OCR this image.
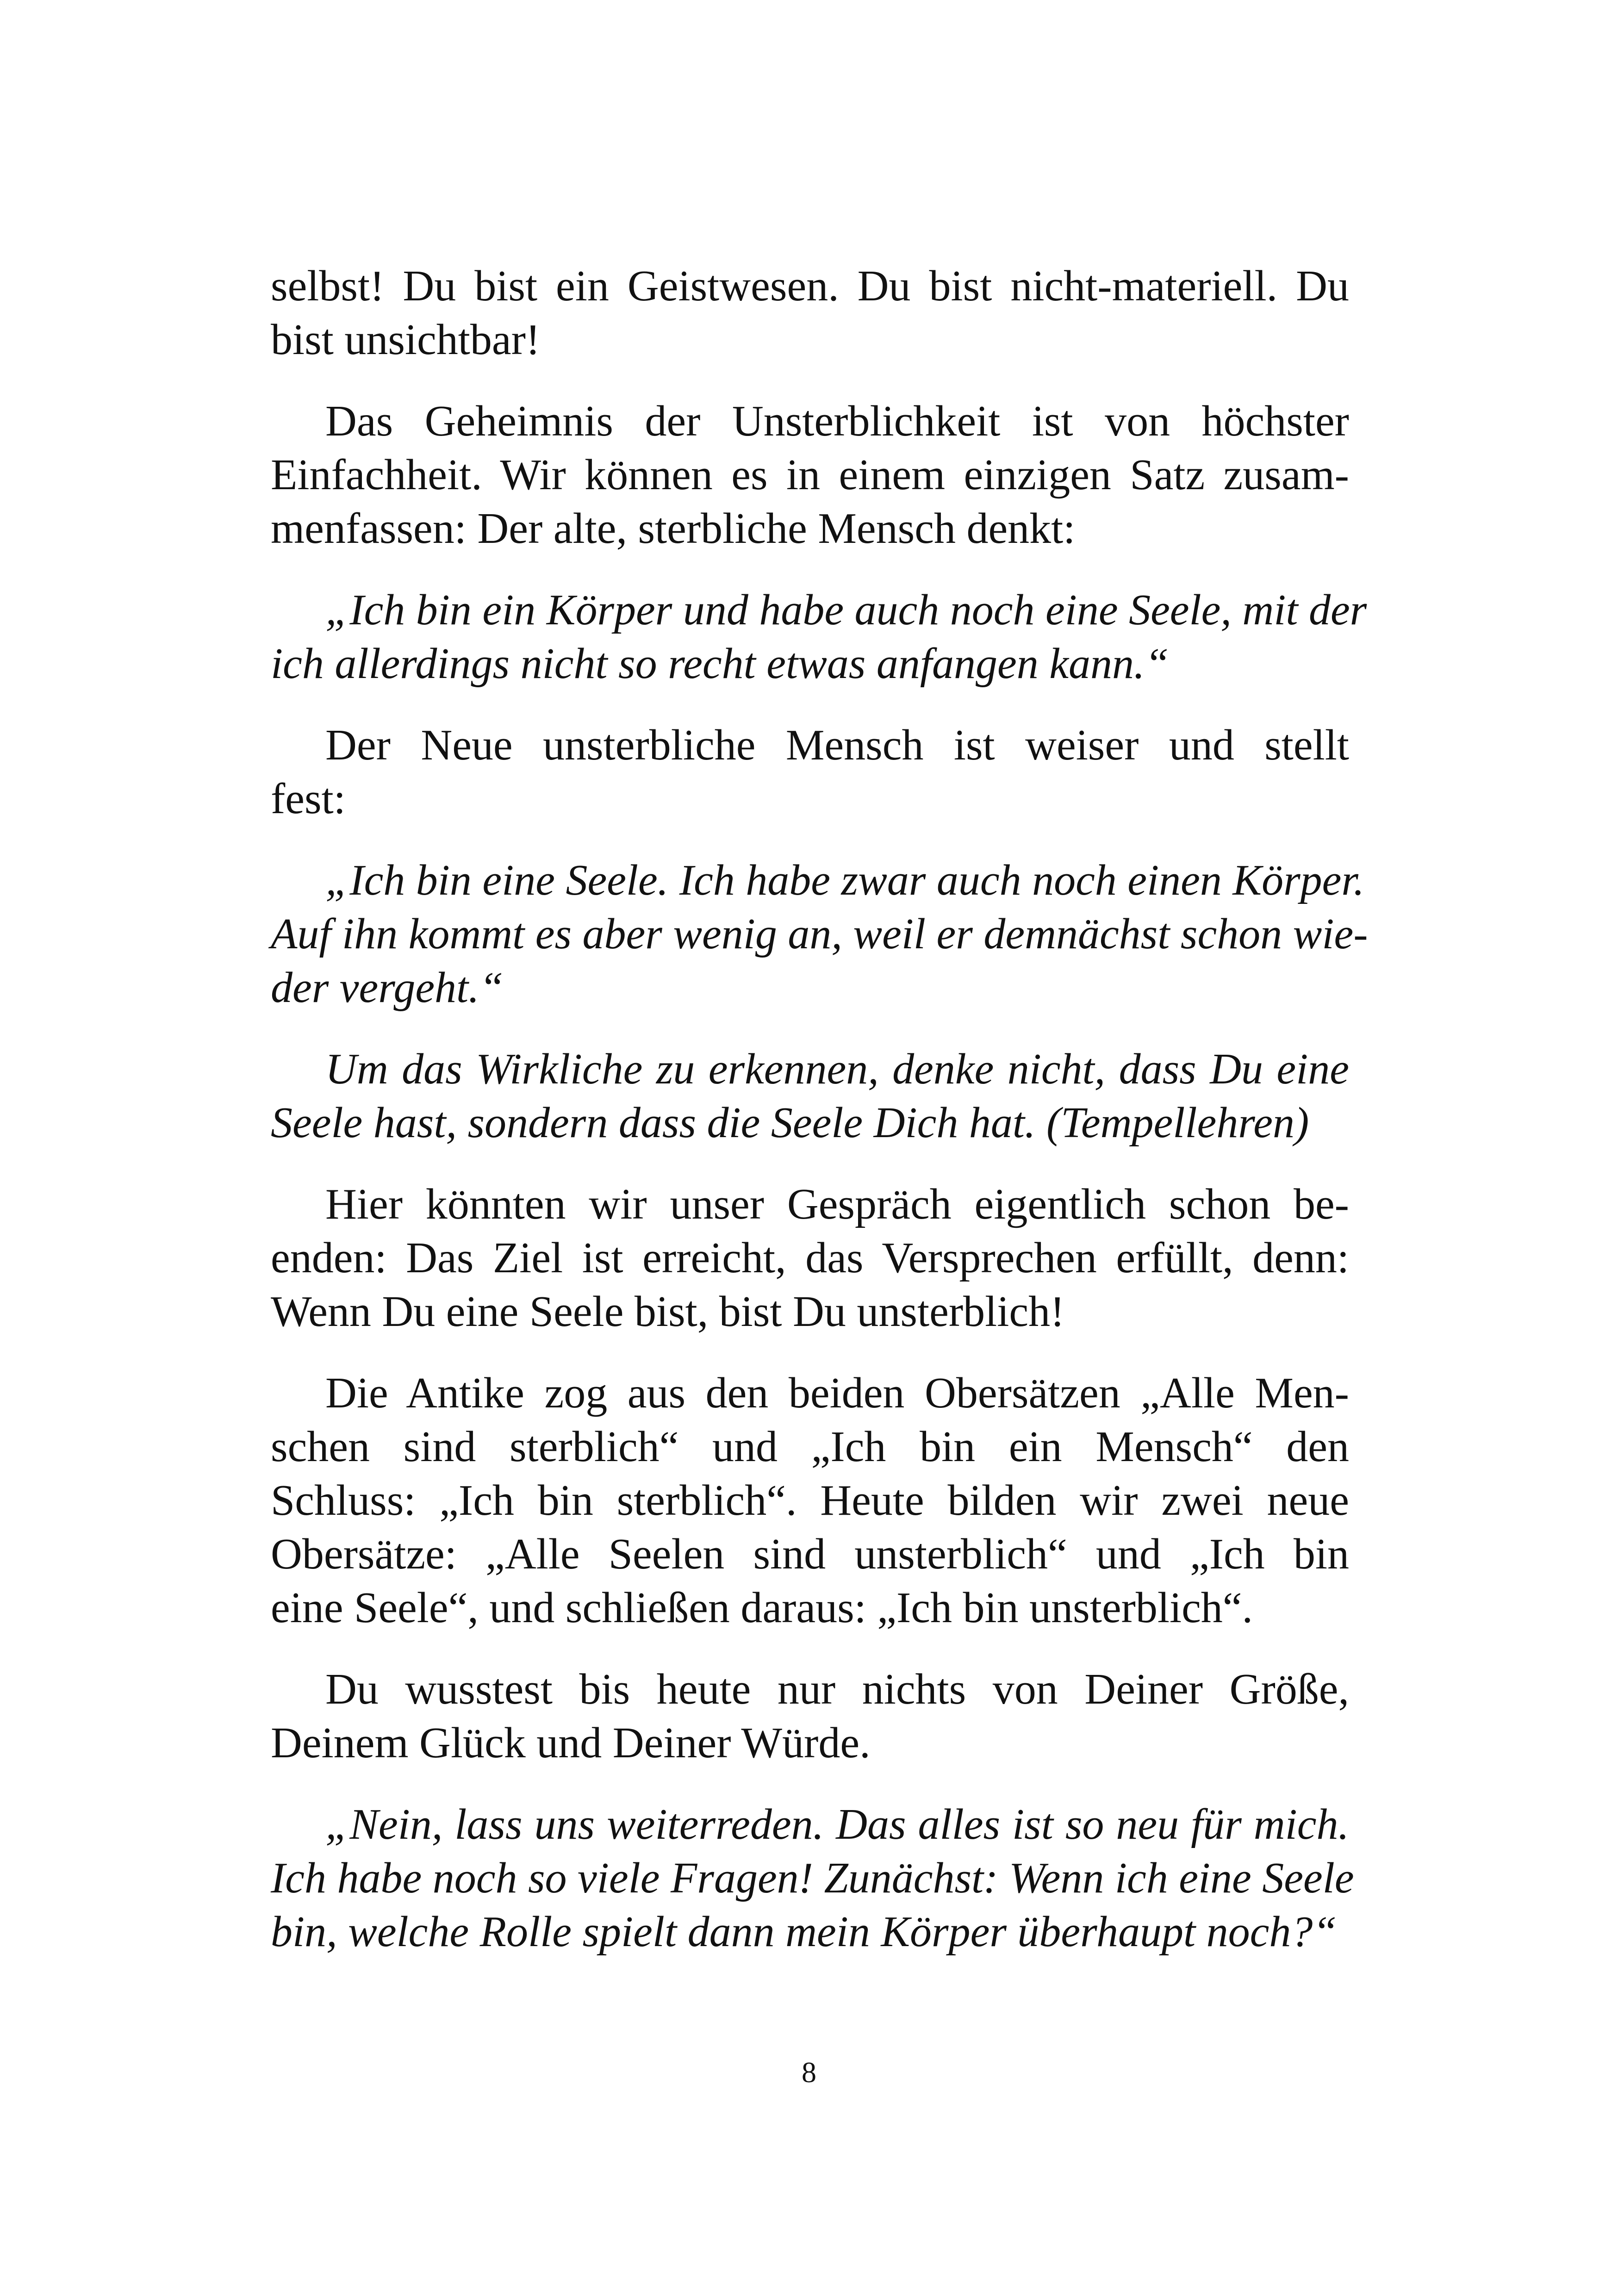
selbst! Du bist ein Geistwesen. Du bist nicht-materiell. Du
bist unsichtbar!
Das Geheimnis der Unsterblichkeit ist von höchster
Einfachheit. Wir können es in einem einzigen Satz zusam-
menfassen: Der alte, sterbliche Mensch denkt:
„Ich bin ein Körper und habe auch noch eine Seele, mit der
ich allerdings nicht so recht etwas anfangen kann.“
Der Neue unsterbliche Mensch ist weiser und stellt
fest:
„Ich bin eine Seele. Ich habe zwar auch noch einen Körper.
Auf ihn kommt es aber wenig an, weil er demnächst schon wie-
der vergeht.“
Um das Wirkliche zu erkennen, denke nicht, dass Du eine
Seele hast, sondern dass die Seele Dich hat. (Tempellehren)
Hier könnten wir unser Gespräch eigentlich schon be-
enden: Das Ziel ist erreicht, das Versprechen erfüllt, denn:
Wenn Du eine Seele bist, bist Du unsterblich!
Die Antike zog aus den beiden Obersätzen „Alle Men-
schen sind sterblich“ und „Ich bin ein Mensch“ den
Schluss: „Ich bin sterblich“. Heute bilden wir zwei neue
Obersätze: „Alle Seelen sind unsterblich“ und „Ich bin
eine Seele“, und schließen daraus: „Ich bin unsterblich“.
Du wusstest bis heute nur nichts von Deiner Größe,
Deinem Glück und Deiner Würde.
„Nein, lass uns weiterreden. Das alles ist so neu für mich.
Ich habe noch so viele Fragen! Zunächst: Wenn ich eine Seele
bin, welche Rolle spielt dann mein Körper überhaupt noch?“
8
